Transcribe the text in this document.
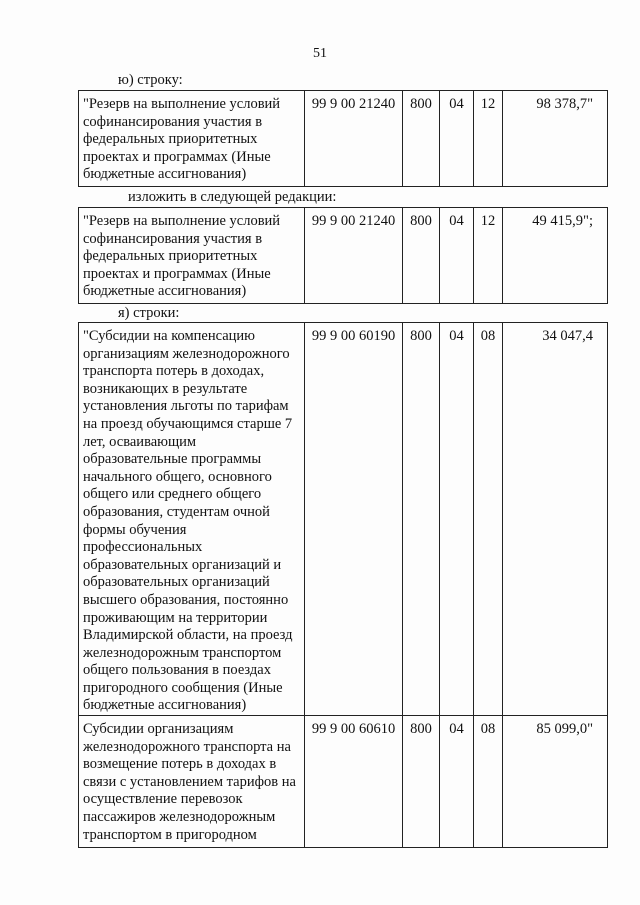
51
ю) строку:
"Резерв на выполнение условий софинансирования участия в федеральных приоритетных проектах и программах (Иные бюджетные ассигнования)	99 9 00 21240	800	04	12	98 378,7"
изложить в следующей редакции:
"Резерв на выполнение условий софинансирования участия в федеральных приоритетных проектах и программах (Иные бюджетные ассигнования)	99 9 00 21240	800	04	12	49 415,9";
я) строки:
"Субсидии на компенсацию организациям железнодорожного транспорта потерь в доходах, возникающих в результате установления льготы по тарифам на проезд обучающимся старше 7 лет, осваивающим образовательные программы начального общего, основного общего или среднего общего образования, студентам очной формы обучения профессиональных образовательных организаций и образовательных организаций высшего образования, постоянно проживающим на территории Владимирской области, на проезд железнодорожным транспортом общего пользования в поездах пригородного сообщения (Иные бюджетные ассигнования)	99 9 00 60190	800	04	08	34 047,4
Субсидии организациям железнодорожного транспорта на возмещение потерь в доходах в связи с установлением тарифов на осуществление перевозок пассажиров железнодорожным транспортом в пригородном	99 9 00 60610	800	04	08	85 099,0"
